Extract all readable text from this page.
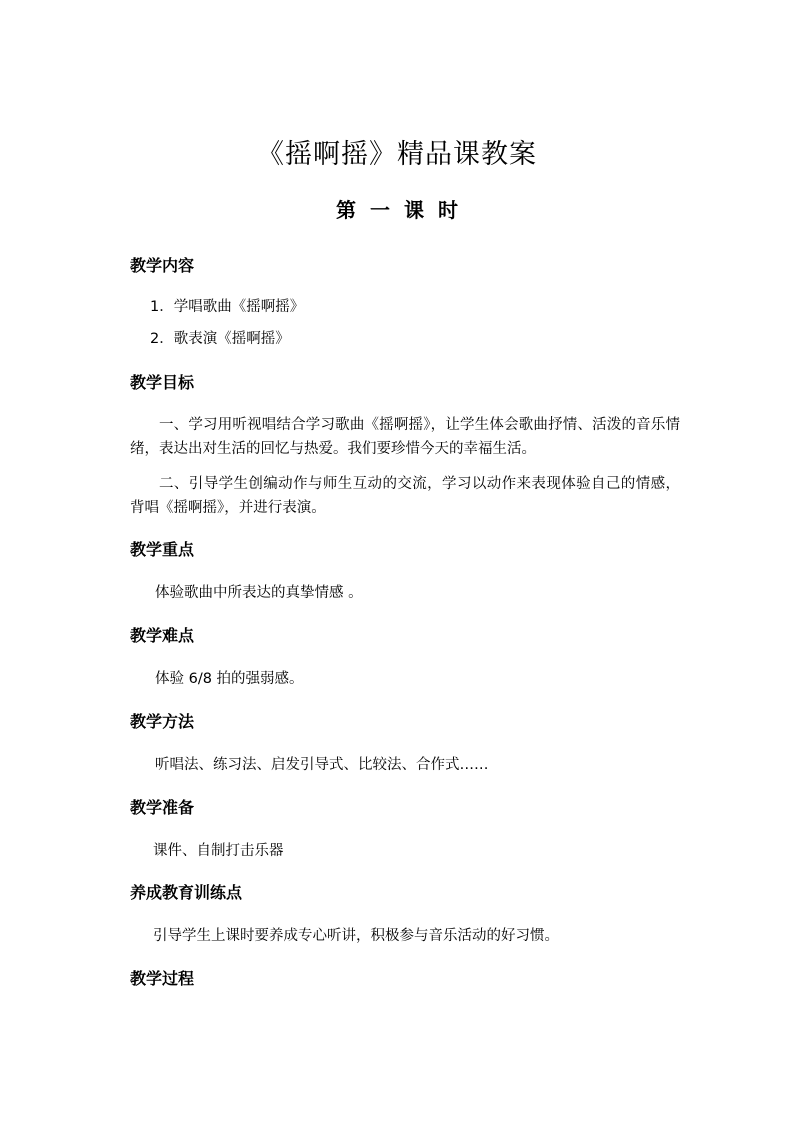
《摇啊摇》精品课教案
第一课时
教学内容
1．学唱歌曲《摇啊摇》
2．歌表演《摇啊摇》
教学目标
一、学习用听视唱结合学习歌曲《摇啊摇》，让学生体会歌曲抒情、活泼的音乐情绪，表达出对生活的回忆与热爱。我们要珍惜今天的幸福生活。
二、引导学生创编动作与师生互动的交流，学习以动作来表现体验自己的情感，背唱《摇啊摇》，并进行表演。
教学重点
体验歌曲中所表达的真挚情感 。
教学难点
体验 6/8 拍的强弱感。
教学方法
听唱法、练习法、启发引导式、比较法、合作式……
教学准备
课件、自制打击乐器
养成教育训练点
引导学生上课时要养成专心听讲，积极参与音乐活动的好习惯。
教学过程
